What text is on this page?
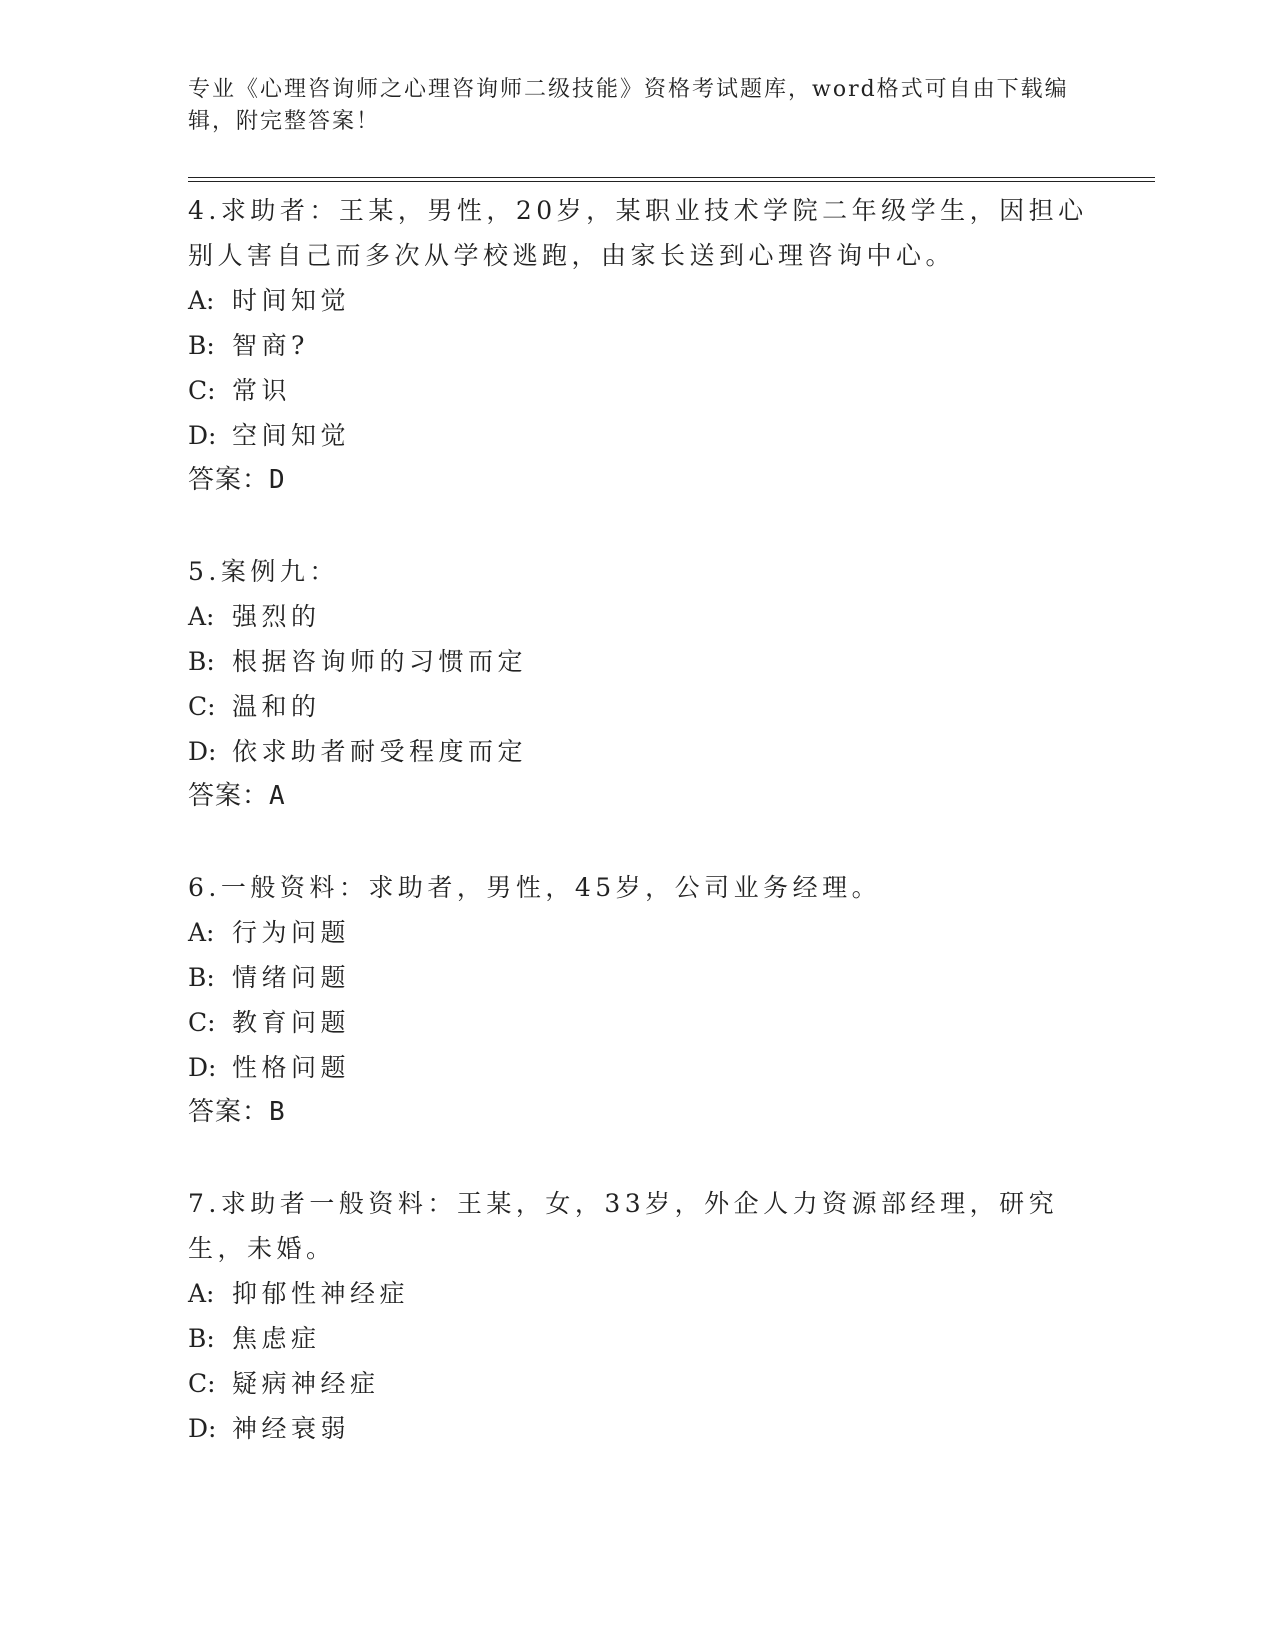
专业《心理咨询师之心理咨询师二级技能》资格考试题库，word格式可自由下载编辑，附完整答案！

4.求助者：王某，男性，20岁，某职业技术学院二年级学生，因担心别人害自己而多次从学校逃跑，由家长送到心理咨询中心。

A: 时间知觉
B: 智商?
C: 常识
D: 空间知觉

答案：D

5.案例九：

A: 强烈的
B: 根据咨询师的习惯而定
C: 温和的
D: 依求助者耐受程度而定

答案：A

6.一般资料：求助者，男性，45岁，公司业务经理。

A: 行为问题
B: 情绪问题
C: 教育问题
D: 性格问题

答案：B

7.求助者一般资料：王某，女，33岁，外企人力资源部经理，研究生，未婚。

A: 抑郁性神经症
B: 焦虑症
C: 疑病神经症
D: 神经衰弱
